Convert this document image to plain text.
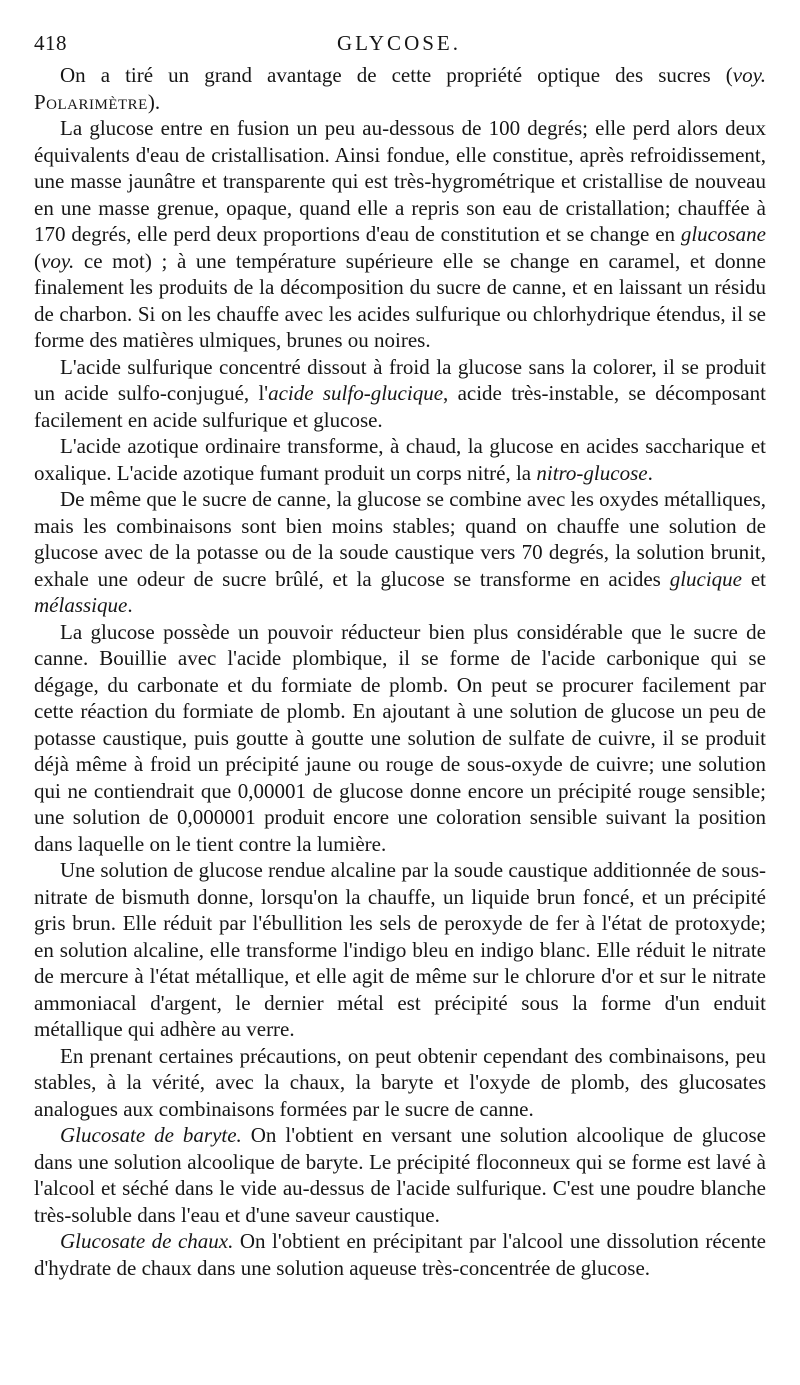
418	GLYCOSE.

On a tiré un grand avantage de cette propriété optique des sucres (voy. Polarimètre).

La glucose entre en fusion un peu au-dessous de 100 degrés; elle perd alors deux équivalents d'eau de cristallisation. Ainsi fondue, elle constitue, après refroidissement, une masse jaunâtre et transparente qui est très-hygrométrique et cristallise de nouveau en une masse grenue, opaque, quand elle a repris son eau de cristallation; chauffée à 170 degrés, elle perd deux proportions d'eau de constitution et se change en glucosane (voy. ce mot) ; à une température supérieure elle se change en caramel, et donne finalement les produits de la décomposition du sucre de canne, et en laissant un résidu de charbon. Si on les chauffe avec les acides sulfurique ou chlorhydrique étendus, il se forme des matières ulmiques, brunes ou noires.

L'acide sulfurique concentré dissout à froid la glucose sans la colorer, il se produit un acide sulfo-conjugué, l'acide sulfo-glucique, acide très-instable, se décomposant facilement en acide sulfurique et glucose.

L'acide azotique ordinaire transforme, à chaud, la glucose en acides saccharique et oxalique. L'acide azotique fumant produit un corps nitré, la nitro-glucose.

De même que le sucre de canne, la glucose se combine avec les oxydes métalliques, mais les combinaisons sont bien moins stables; quand on chauffe une solution de glucose avec de la potasse ou de la soude caustique vers 70 degrés, la solution brunit, exhale une odeur de sucre brûlé, et la glucose se transforme en acides glucique et mélassique.

La glucose possède un pouvoir réducteur bien plus considérable que le sucre de canne. Bouillie avec l'acide plombique, il se forme de l'acide carbonique qui se dégage, du carbonate et du formiate de plomb. On peut se procurer facilement par cette réaction du formiate de plomb. En ajoutant à une solution de glucose un peu de potasse caustique, puis goutte à goutte une solution de sulfate de cuivre, il se produit déjà même à froid un précipité jaune ou rouge de sous-oxyde de cuivre; une solution qui ne contiendrait que 0,00001 de glucose donne encore un précipité rouge sensible; une solution de 0,000001 produit encore une coloration sensible suivant la position dans laquelle on le tient contre la lumière.

Une solution de glucose rendue alcaline par la soude caustique additionnée de sous-nitrate de bismuth donne, lorsqu'on la chauffe, un liquide brun foncé, et un précipité gris brun. Elle réduit par l'ébullition les sels de peroxyde de fer à l'état de protoxyde; en solution alcaline, elle transforme l'indigo bleu en indigo blanc. Elle réduit le nitrate de mercure à l'état métallique, et elle agit de même sur le chlorure d'or et sur le nitrate ammoniacal d'argent, le dernier métal est précipité sous la forme d'un enduit métallique qui adhère au verre.

En prenant certaines précautions, on peut obtenir cependant des combinaisons, peu stables, à la vérité, avec la chaux, la baryte et l'oxyde de plomb, des glucosates analogues aux combinaisons formées par le sucre de canne.

Glucosate de baryte. On l'obtient en versant une solution alcoolique de glucose dans une solution alcoolique de baryte. Le précipité floconneux qui se forme est lavé à l'alcool et séché dans le vide au-dessus de l'acide sulfurique. C'est une poudre blanche très-soluble dans l'eau et d'une saveur caustique.

Glucosate de chaux. On l'obtient en précipitant par l'alcool une dissolution récente d'hydrate de chaux dans une solution aqueuse très-concentrée de glucose.
